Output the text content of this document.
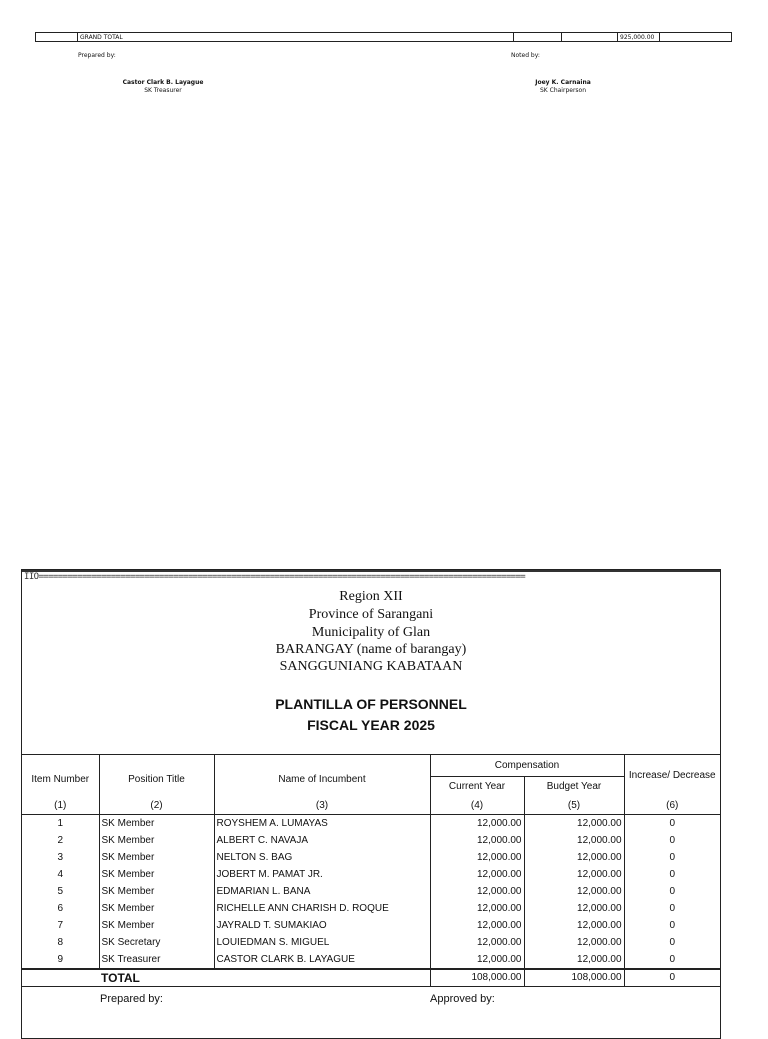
GRAND TOTAL	925,000.00
Prepared by:	Noted by:
Castor Clark B. Layague
SK Treasurer
Joey K. Carnaina
SK Chairperson
IIO=====================================================================================================
Region XII
Province of Sarangani
Municipality of Glan
BARANGAY (name of barangay)
SANGGUNIANG KABATAAN
PLANTILLA OF PERSONNEL
FISCAL YEAR 2025
Item Number	Position Title	Name of Incumbent	Compensation		Increase/ Decrease
			Current Year	Budget Year	
(1)	(2)	(3)	(4)	(5)	(6)
1	SK Member	ROYSHEM A. LUMAYAS	12,000.00	12,000.00	0
2	SK Member	ALBERT C. NAVAJA	12,000.00	12,000.00	0
3	SK Member	NELTON S. BAG	12,000.00	12,000.00	0
4	SK Member	JOBERT M. PAMAT JR.	12,000.00	12,000.00	0
5	SK Member	EDMARIAN L. BANA	12,000.00	12,000.00	0
6	SK Member	RICHELLE ANN CHARISH D. ROQUE	12,000.00	12,000.00	0
7	SK Member	JAYRALD T. SUMAKIAO	12,000.00	12,000.00	0
8	SK Secretary	LOUIEDMAN S. MIGUEL	12,000.00	12,000.00	0
9	SK Treasurer	CASTOR CLARK B. LAYAGUE	12,000.00	12,000.00	0
	TOTAL		108,000.00	108,000.00	0
Prepared by:	Approved by:
